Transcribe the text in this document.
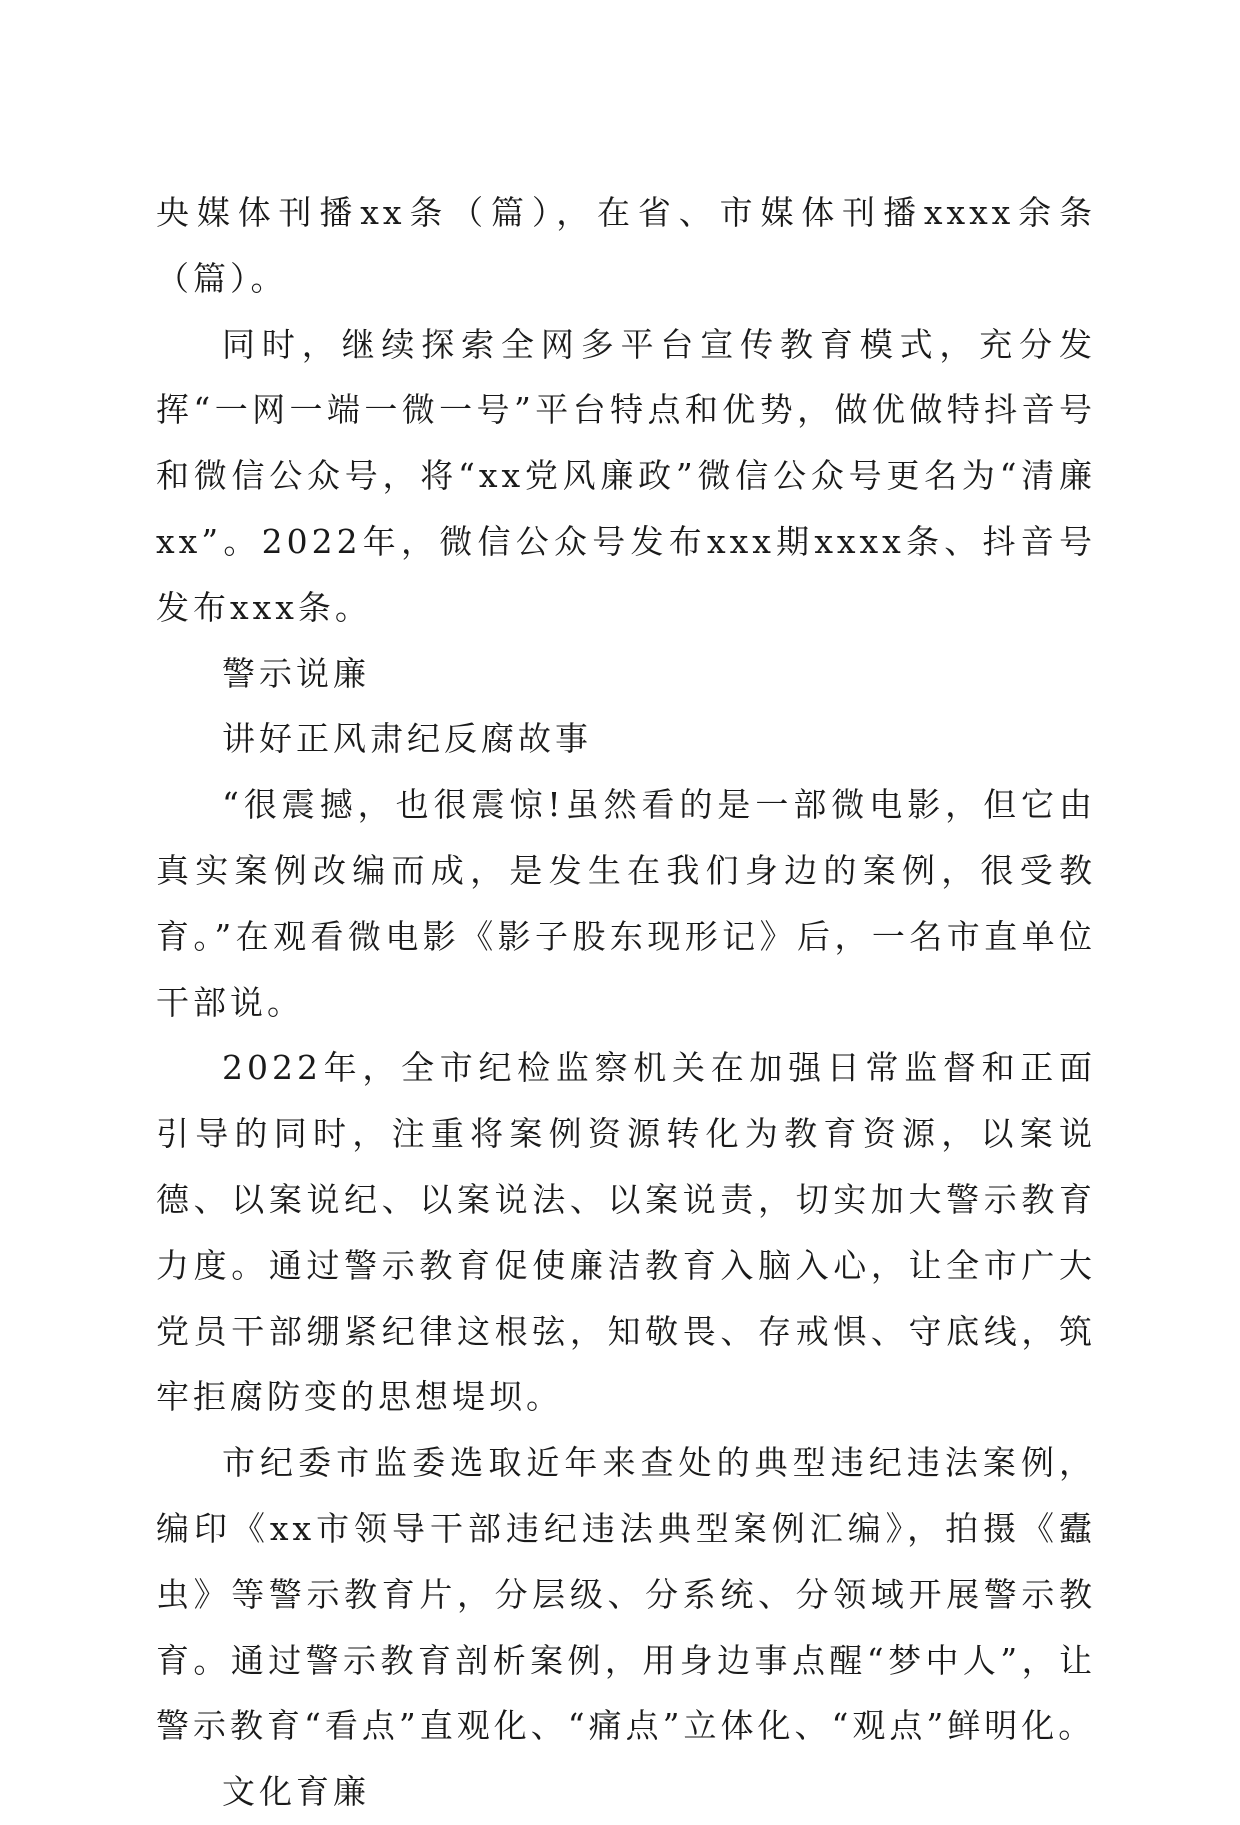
央媒体刊播xx条（篇），在省、市媒体刊播xxxx余条（篇）。

同时，继续探索全网多平台宣传教育模式，充分发挥“一网一端一微一号”平台特点和优势，做优做特抖音号和微信公众号，将“xx党风廉政”微信公众号更名为“清廉xx”。2022年，微信公众号发布xxx期xxxx条、抖音号发布xxx条。

警示说廉

讲好正风肃纪反腐故事

“很震撼，也很震惊!虽然看的是一部微电影，但它由真实案例改编而成，是发生在我们身边的案例，很受教育。”在观看微电影《影子股东现形记》后，一名市直单位干部说。

2022年，全市纪检监察机关在加强日常监督和正面引导的同时，注重将案例资源转化为教育资源，以案说德、以案说纪、以案说法、以案说责，切实加大警示教育力度。通过警示教育促使廉洁教育入脑入心，让全市广大党员干部绷紧纪律这根弦，知敬畏、存戒惧、守底线，筑牢拒腐防变的思想堤坝。

市纪委市监委选取近年来查处的典型违纪违法案例，编印《xx市领导干部违纪违法典型案例汇编》，拍摄《蠹虫》等警示教育片，分层级、分系统、分领域开展警示教育。通过警示教育剖析案例，用身边事点醒“梦中人”，让警示教育“看点”直观化、“痛点”立体化、“观点”鲜明化。

文化育廉
